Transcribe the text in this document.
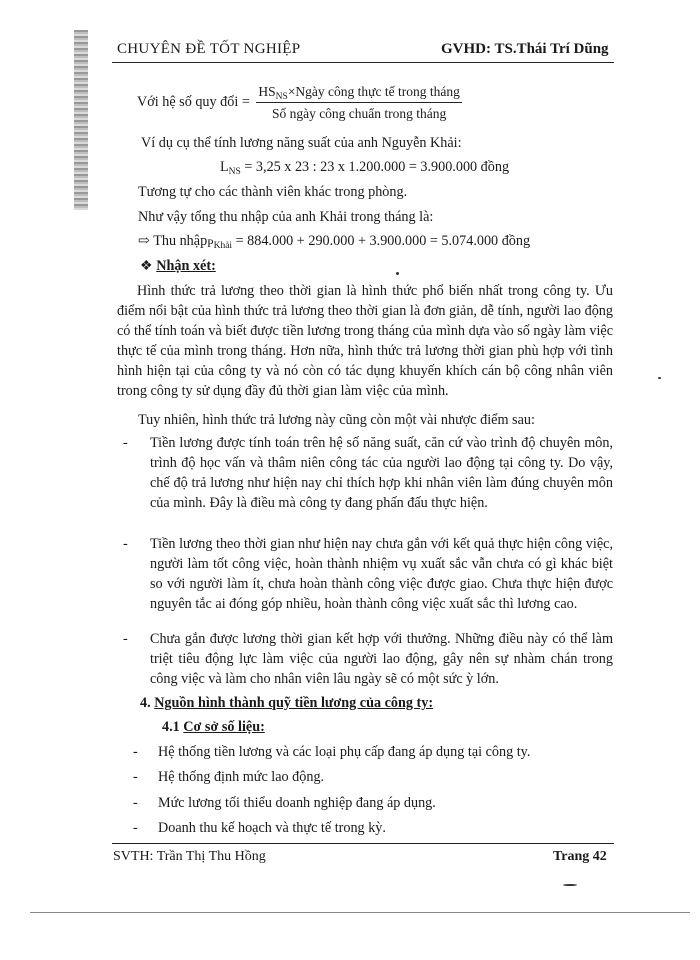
CHUYÊN ĐỀ TỐT NGHIỆP	GVHD: TS.Thái Trí Dũng
Với hệ số quy đổi = $\frac{HS_{NS}\times Ngày công thực tế trong tháng}{\text{Số ngày công chuẩn trong tháng}}$
Ví dụ cụ thể tính lương năng suất của anh Nguyễn Khải:
$L_{NS} = 3,25$ x 23 : 23 x 1.200.000 = 3.900.000 đồng
Tương tự cho các thành viên khác trong phòng.
Như vậy tổng thu nhập của anh Khải trong tháng là:
⇨ Thu nhậpP$_{Khải}$ = 884.000 + 290.000 + 3.900.000 = 5.074.000 đồng
❖ Nhận xét:
Hình thức trả lương theo thời gian là hình thức phổ biến nhất trong công ty. Ưu điểm nổi bật của hình thức trả lương theo thời gian là đơn giản, dễ tính, người lao động có thể tính toán và biết được tiền lương trong tháng của mình dựa vào số ngày làm việc thực tế của mình trong tháng. Hơn nữa, hình thức trả lương thời gian phù hợp với tình hình hiện tại của công ty và nó còn có tác dụng khuyến khích cán bộ công nhân viên trong công ty sử dụng đầy đủ thời gian làm việc của mình.
Tuy nhiên, hình thức trả lương này cũng còn một vài nhược điểm sau:
- Tiền lương được tính toán trên hệ số năng suất, căn cứ vào trình độ chuyên môn, trình độ học vấn và thâm niên công tác của người lao động tại công ty. Do vậy, chế độ trả lương như hiện nay chỉ thích hợp khi nhân viên làm đúng chuyên môn của mình. Đây là điều mà công ty đang phấn đấu thực hiện.
- Tiền lương theo thời gian như hiện nay chưa gắn với kết quả thực hiện công việc, người làm tốt công việc, hoàn thành nhiệm vụ xuất sắc vẫn chưa có gì khác biệt so với người làm ít, chưa hoàn thành công việc được giao. Chưa thực hiện được nguyên tắc ai đóng góp nhiều, hoàn thành công việc xuất sắc thì lương cao.
- Chưa gắn được lương thời gian kết hợp với thưởng. Những điều này có thể làm triệt tiêu động lực làm việc của người lao động, gây nên sự nhàm chán trong công việc và làm cho nhân viên lâu ngày sẽ có một sức ỳ lớn.
4. Nguồn hình thành quỹ tiền lương của công ty:
4.1 Cơ sở số liệu:
- Hệ thống tiền lương và các loại phụ cấp đang áp dụng tại công ty.
- Hệ thống định mức lao động.
- Mức lương tối thiểu doanh nghiệp đang áp dụng.
- Doanh thu kế hoạch và thực tế trong kỳ.
SVTH: Trần Thị Thu Hồng	Trang 42
